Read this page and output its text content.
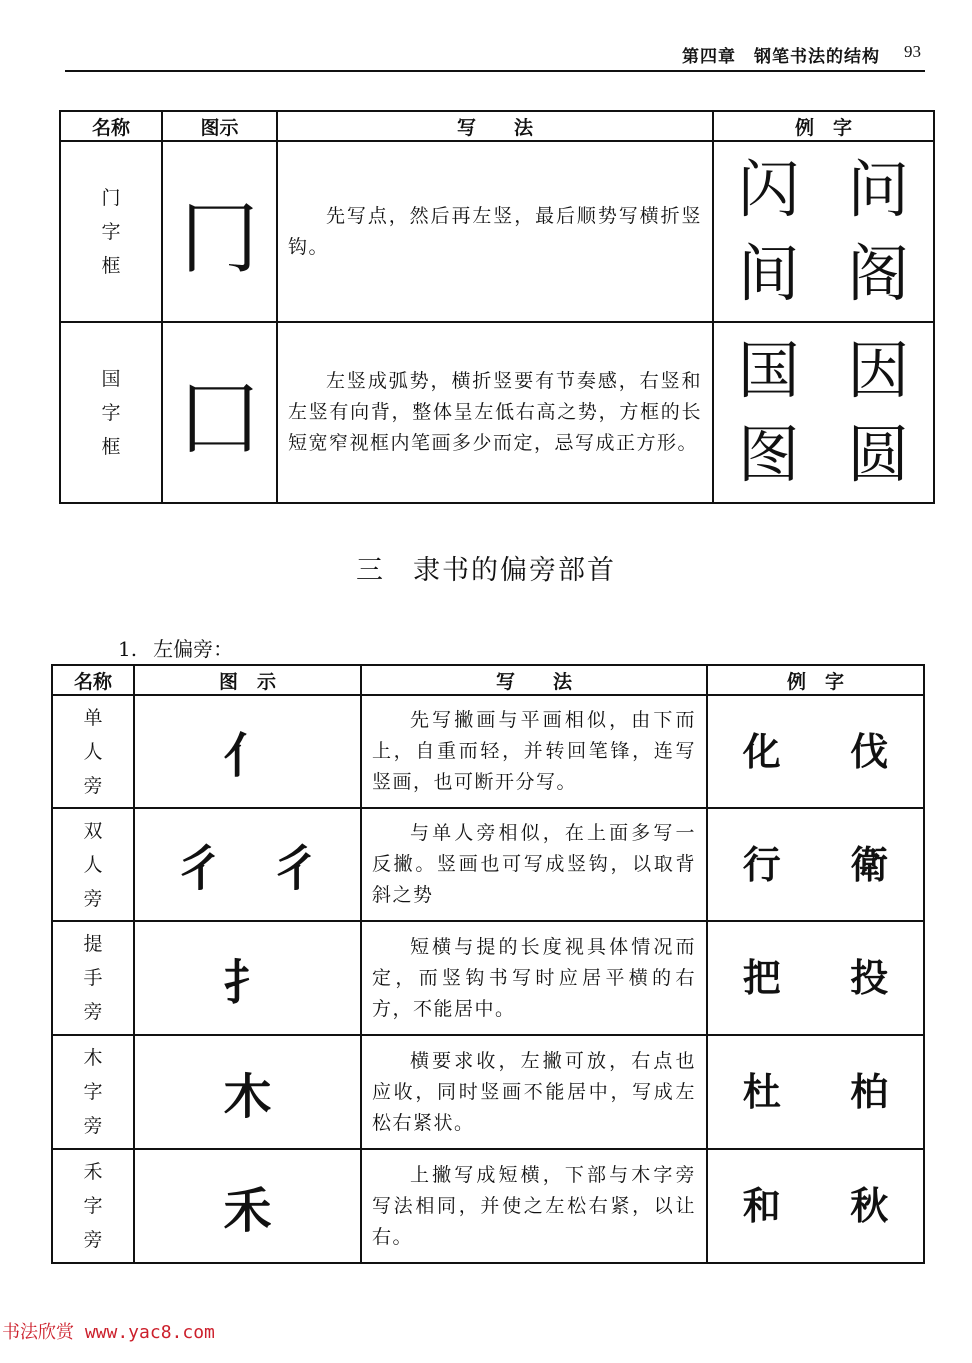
第四章　钢笔书法的结构 93
名称	图示	写　　法	例　字

门
字
框	冂	先写点，然后再左竖，最后顺势写横折竖钩。	闪 问
间 阁

国
字
框	囗	左竖成弧势，横折竖要有节奏感，右竖和左竖有向背，整体呈左低右高之势，方框的长短宽窄视框内笔画多少而定，忌写成正方形。	国 因
图 圆
三 隶书的偏旁部首
1. 左偏旁：
名称	图　示	写　　法	例　字

单
人
旁	亻	先写撇画与平画相似，由下而上，自重而轻，并转回笔锋，连写竖画，也可断开分写。	化 伐

双
人
旁	彳 彳	与单人旁相似，在上面多写一反撇。竖画也可写成竖钩，以取背斜之势	行 衛

提
手
旁	扌	短横与提的长度视具体情况而定，而竖钩书写时应居平横的右方，不能居中。	把 投

木
字
旁	木	横要求收，左撇可放，右点也应收，同时竖画不能居中，写成左松右紧状。	杜 柏

禾
字
旁	禾	上撇写成短横，下部与木字旁写法相同，并使之左松右紧，以让右。	和 秋
书法欣赏 www.yac8.com
